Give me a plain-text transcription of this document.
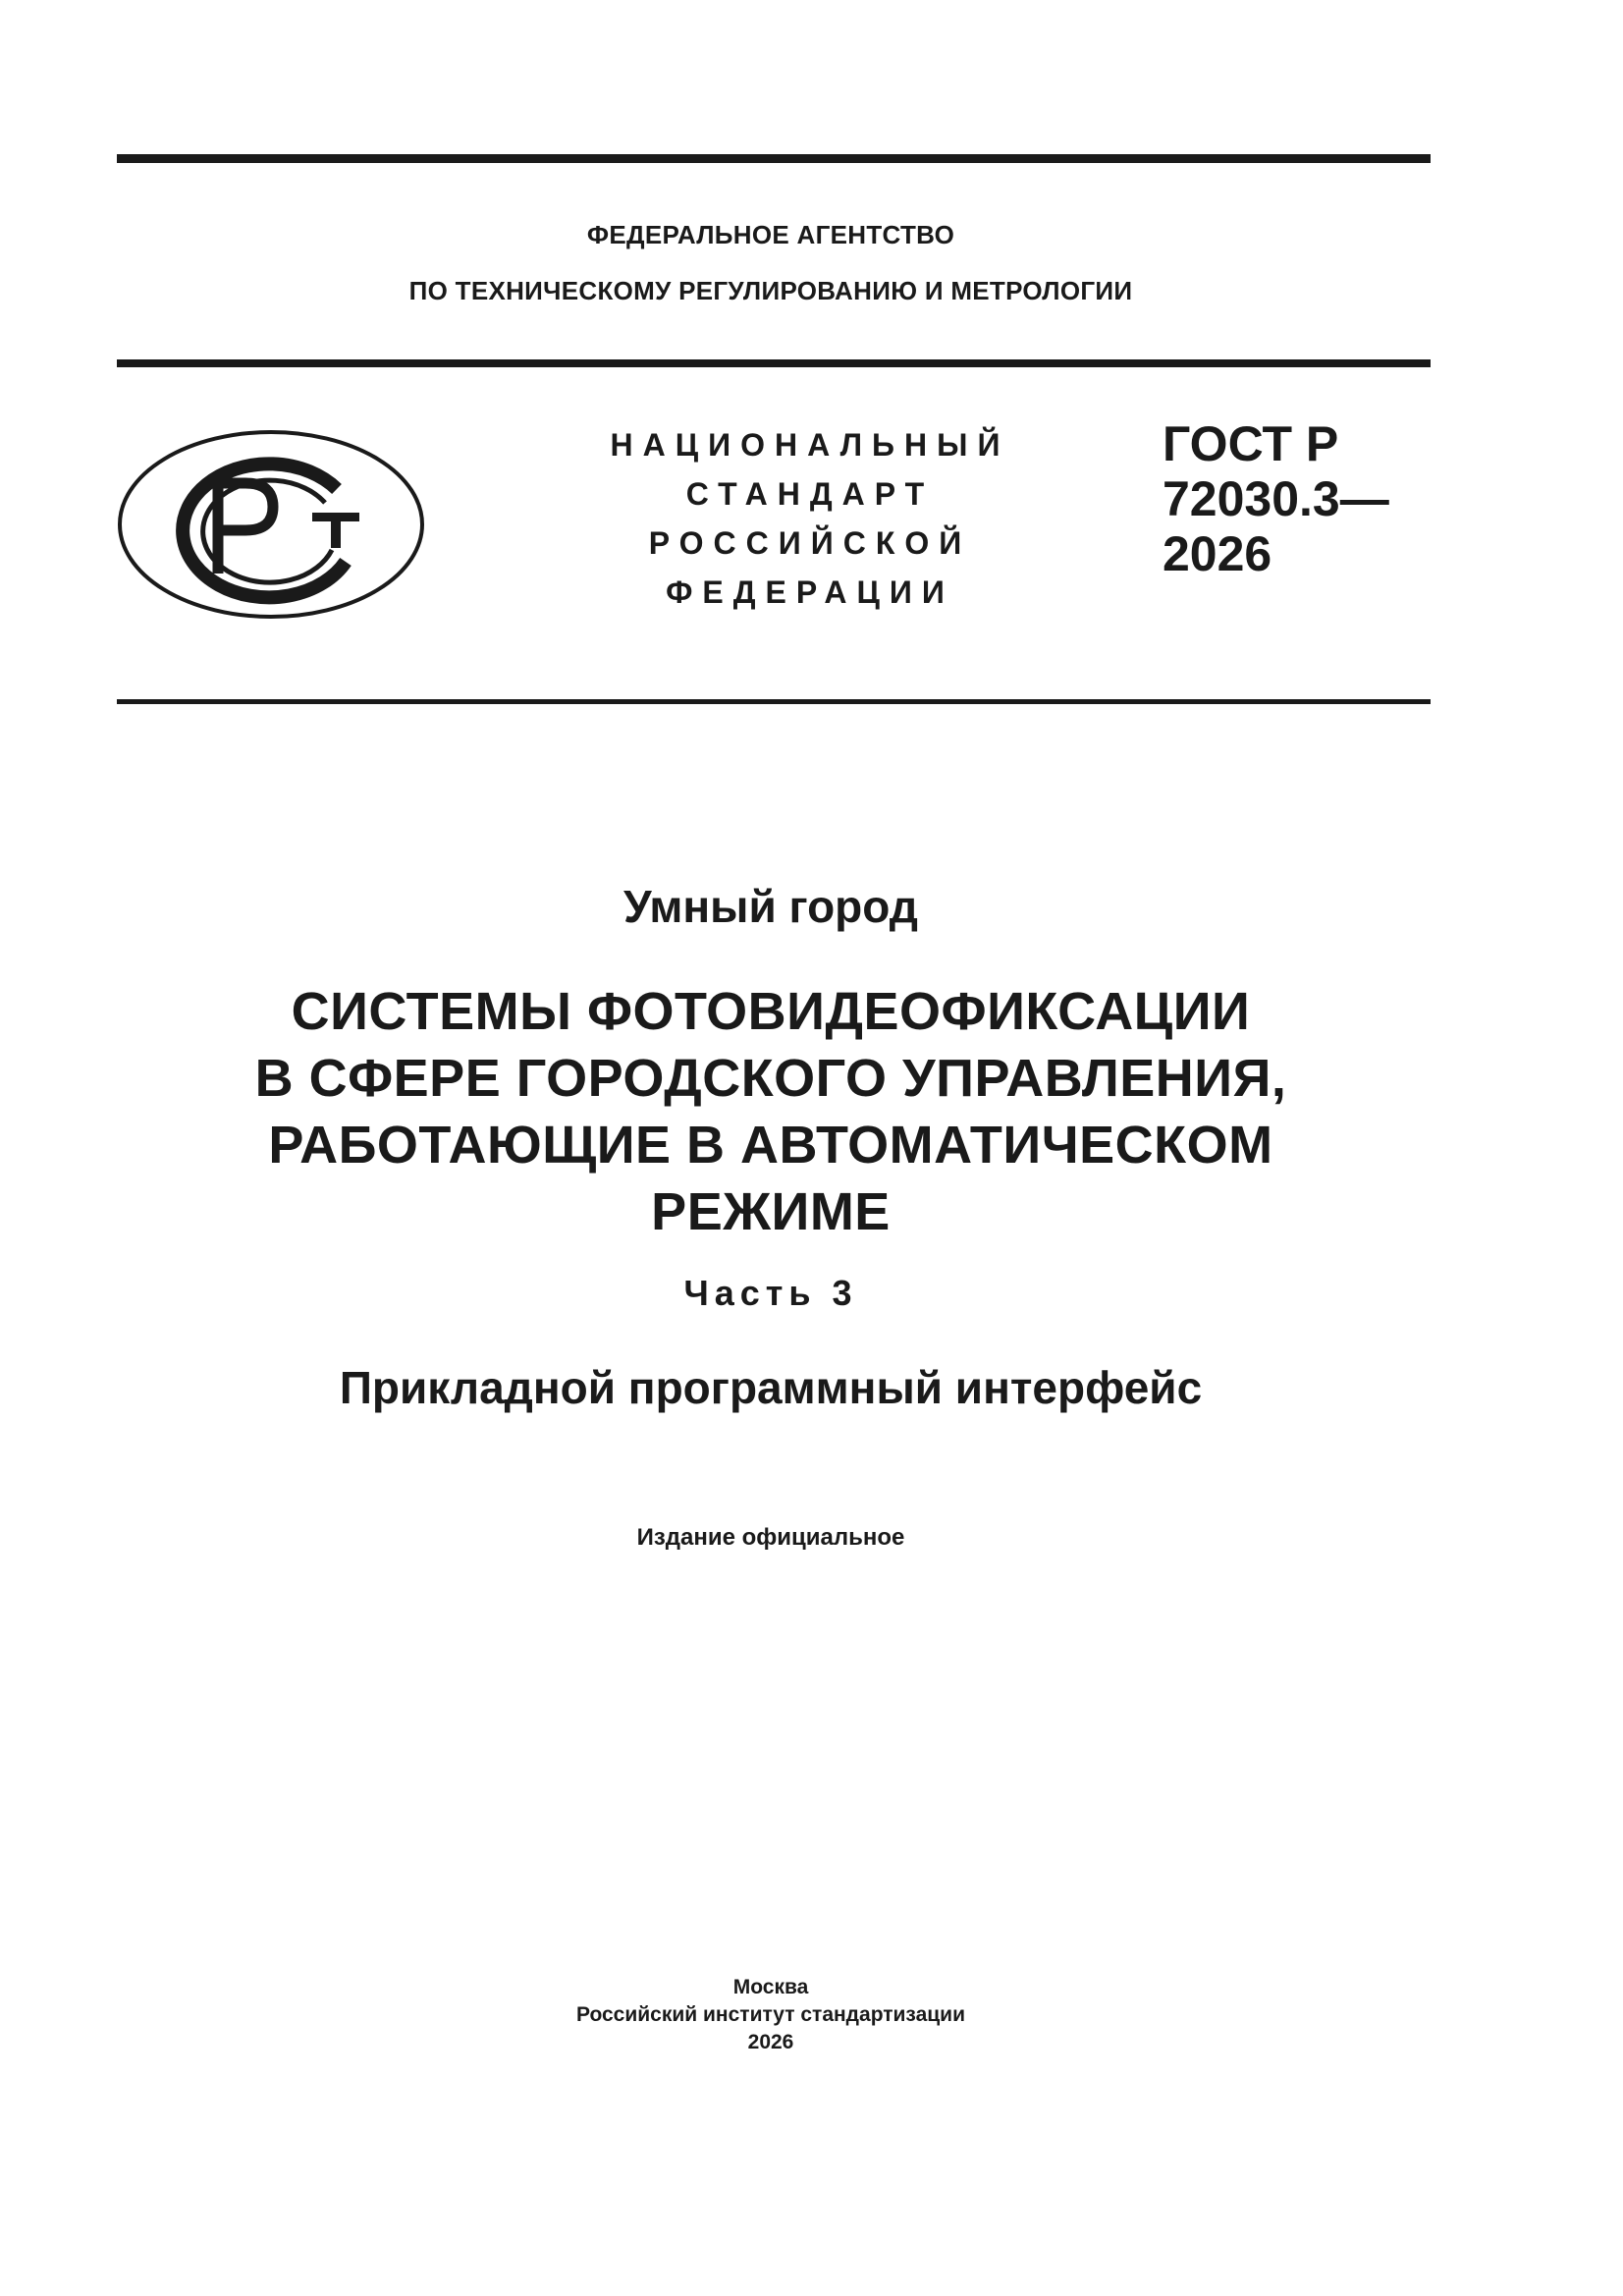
ФЕДЕРАЛЬНОЕ АГЕНТСТВО
ПО ТЕХНИЧЕСКОМУ РЕГУЛИРОВАНИЮ И МЕТРОЛОГИИ
НАЦИОНАЛЬНЫЙ
СТАНДАРТ
РОССИЙСКОЙ
ФЕДЕРАЦИИ
ГОСТ Р
72030.3—
2026
Умный город
СИСТЕМЫ ФОТОВИДЕОФИКСАЦИИ
В СФЕРЕ ГОРОДСКОГО УПРАВЛЕНИЯ,
РАБОТАЮЩИЕ В АВТОМАТИЧЕСКОМ
РЕЖИМЕ
Часть 3
Прикладной программный интерфейс
Издание официальное
Москва
Российский институт стандартизации
2026
